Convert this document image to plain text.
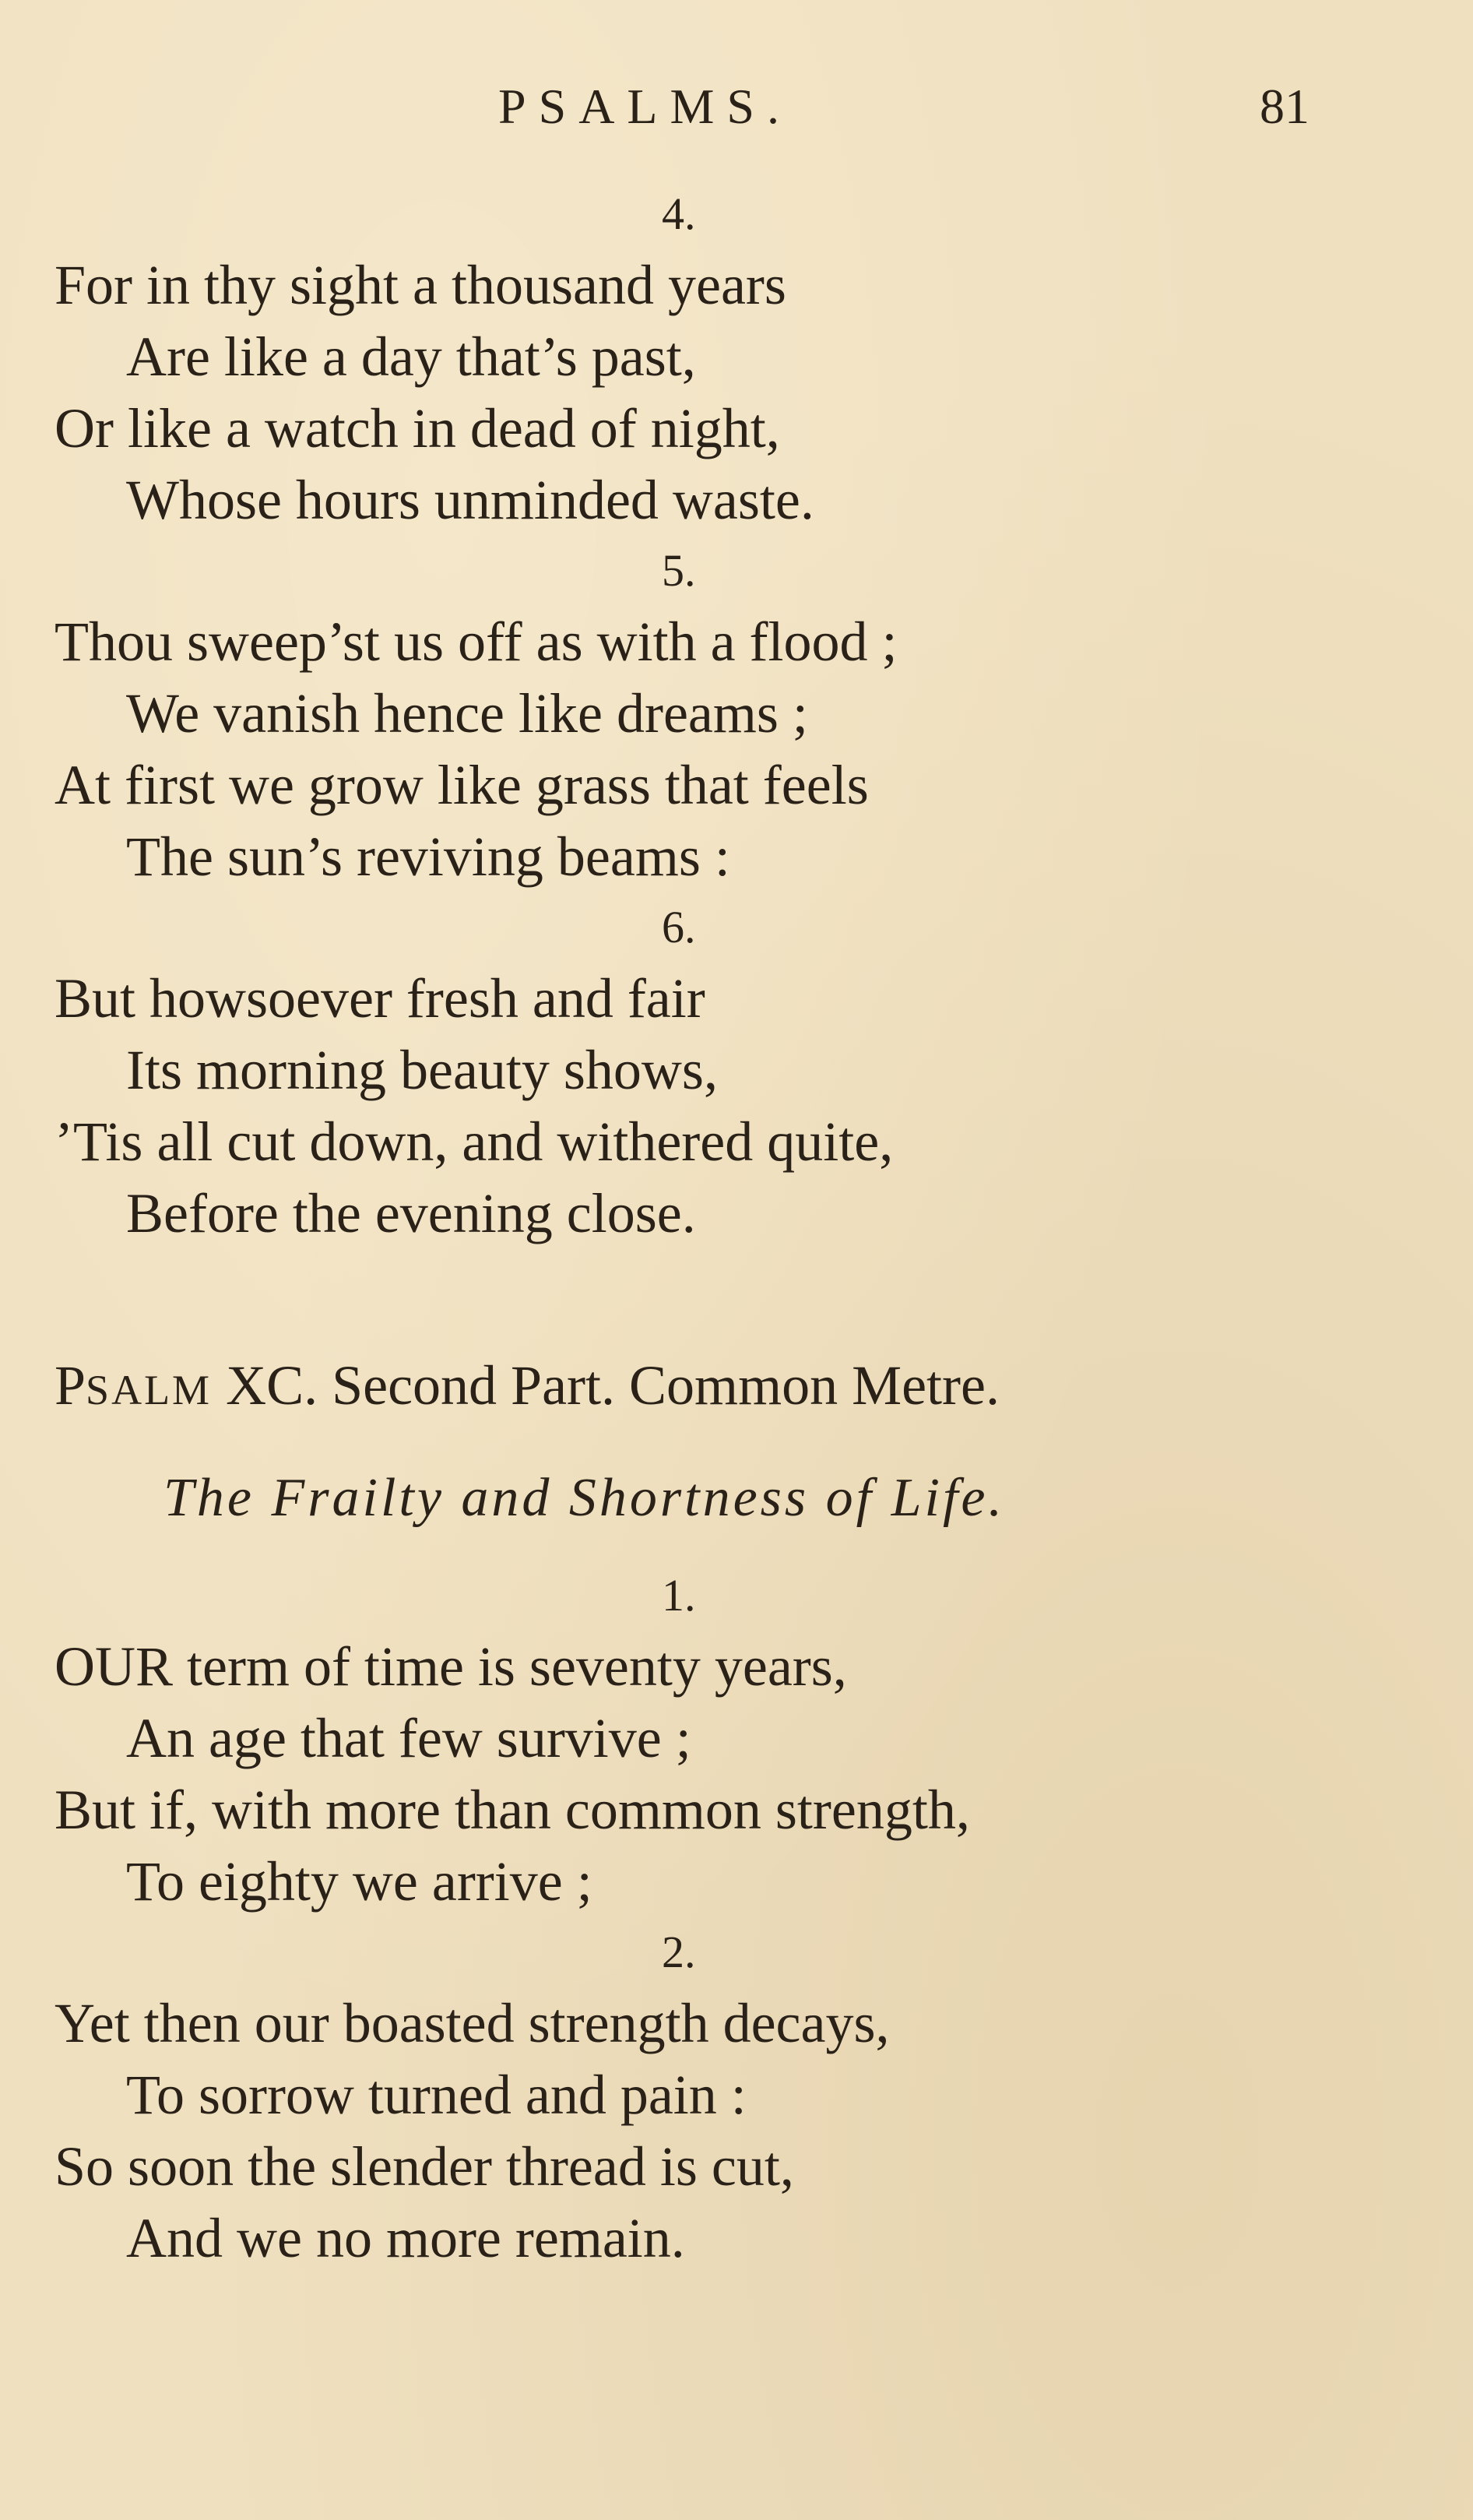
PSALMS.	81
4.
For in thy sight a thousand years
Are like a day that’s past,
Or like a watch in dead of night,
Whose hours unminded waste.
5.
Thou sweep’st us off as with a flood ;
We vanish hence like dreams ;
At first we grow like grass that feels
The sun’s reviving beams :
6.
But howsoever fresh and fair
Its morning beauty shows,
’Tis all cut down, and withered quite,
Before the evening close.
PSALM XC. Second Part. Common Metre.
The Frailty and Shortness of Life.
1.
OUR term of time is seventy years,
An age that few survive ;
But if, with more than common strength,
To eighty we arrive ;
2.
Yet then our boasted strength decays,
To sorrow turned and pain :
So soon the slender thread is cut,
And we no more remain.
